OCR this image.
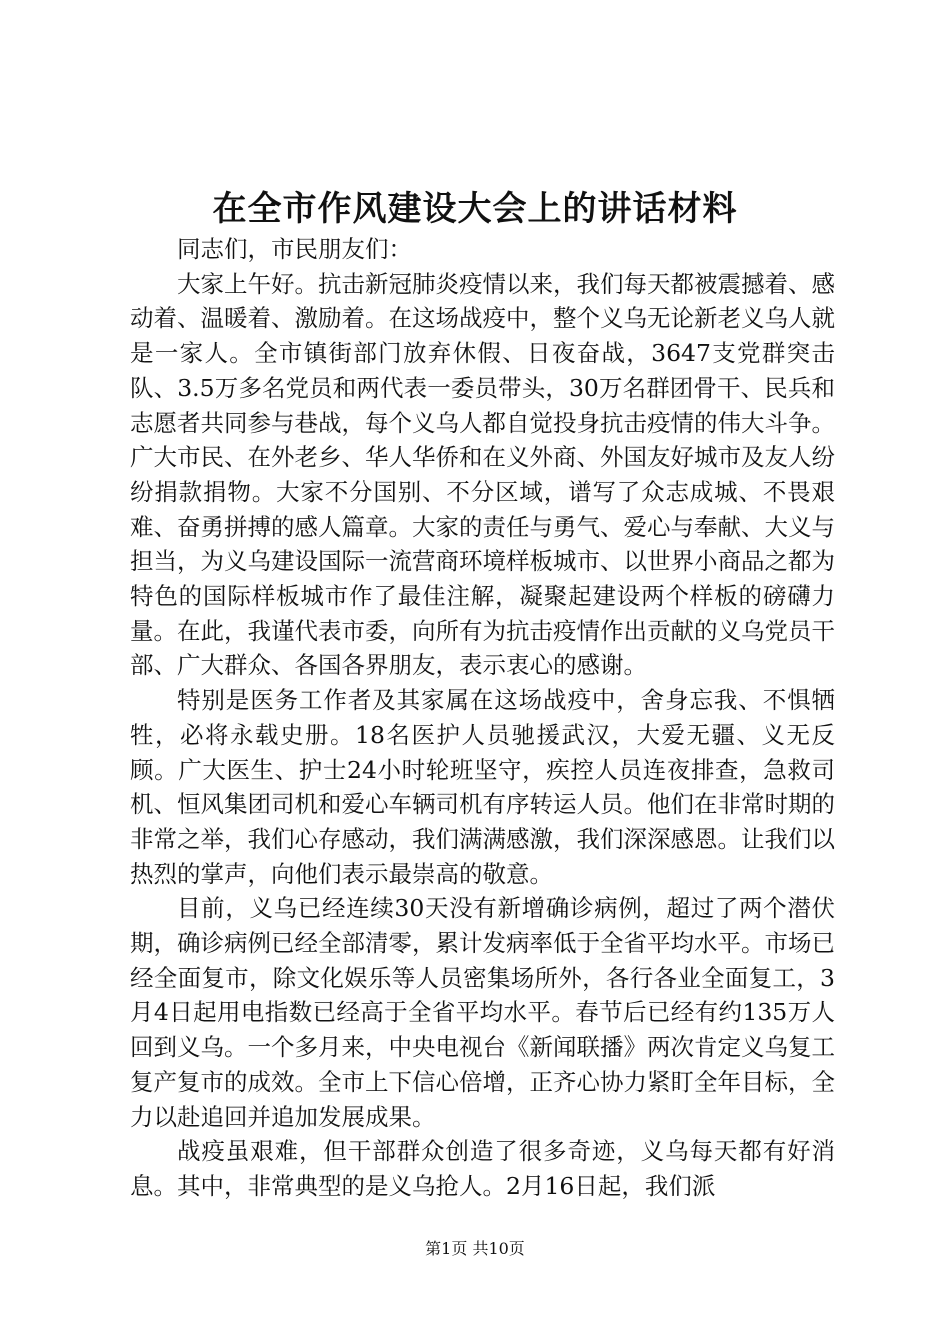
在全市作风建设大会上的讲话材料

同志们，市民朋友们：

大家上午好。抗击新冠肺炎疫情以来，我们每天都被震撼着、感动着、温暖着、激励着。在这场战疫中，整个义乌无论新老义乌人就是一家人。全市镇街部门放弃休假、日夜奋战，3647支党群突击队、3.5万多名党员和两代表一委员带头，30万名群团骨干、民兵和志愿者共同参与巷战，每个义乌人都自觉投身抗击疫情的伟大斗争。广大市民、在外老乡、华人华侨和在义外商、外国友好城市及友人纷纷捐款捐物。大家不分国别、不分区域，谱写了众志成城、不畏艰难、奋勇拼搏的感人篇章。大家的责任与勇气、爱心与奉献、大义与担当，为义乌建设国际一流营商环境样板城市、以世界小商品之都为特色的国际样板城市作了最佳注解，凝聚起建设两个样板的磅礴力量。在此，我谨代表市委，向所有为抗击疫情作出贡献的义乌党员干部、广大群众、各国各界朋友，表示衷心的感谢。

特别是医务工作者及其家属在这场战疫中，舍身忘我、不惧牺牲，必将永载史册。18名医护人员驰援武汉，大爱无疆、义无反顾。广大医生、护士24小时轮班坚守，疾控人员连夜排查，急救司机、恒风集团司机和爱心车辆司机有序转运人员。他们在非常时期的非常之举，我们心存感动，我们满满感激，我们深深感恩。让我们以热烈的掌声，向他们表示最崇高的敬意。

目前，义乌已经连续30天没有新增确诊病例，超过了两个潜伏期，确诊病例已经全部清零，累计发病率低于全省平均水平。市场已经全面复市，除文化娱乐等人员密集场所外，各行各业全面复工，3月4日起用电指数已经高于全省平均水平。春节后已经有约135万人回到义乌。一个多月来，中央电视台《新闻联播》两次肯定义乌复工复产复市的成效。全市上下信心倍增，正齐心协力紧盯全年目标，全力以赴追回并追加发展成果。

战疫虽艰难，但干部群众创造了很多奇迹，义乌每天都有好消息。其中，非常典型的是义乌抢人。2月16日起，我们派

第1页 共10页
